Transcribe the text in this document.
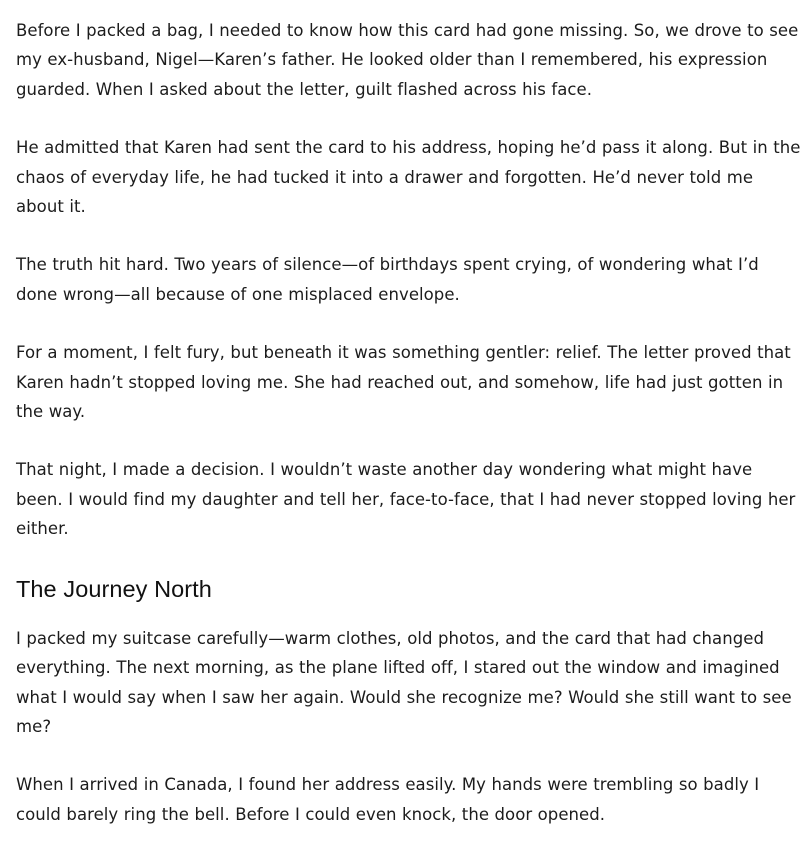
Before I packed a bag, I needed to know how this card had gone missing. So, we drove to see my ex-husband, Nigel—Karen’s father. He looked older than I remembered, his expression guarded. When I asked about the letter, guilt flashed across his face.

He admitted that Karen had sent the card to his address, hoping he’d pass it along. But in the chaos of everyday life, he had tucked it into a drawer and forgotten. He’d never told me about it.

The truth hit hard. Two years of silence—of birthdays spent crying, of wondering what I’d done wrong—all because of one misplaced envelope.

For a moment, I felt fury, but beneath it was something gentler: relief. The letter proved that Karen hadn’t stopped loving me. She had reached out, and somehow, life had just gotten in the way.

That night, I made a decision. I wouldn’t waste another day wondering what might have been. I would find my daughter and tell her, face-to-face, that I had never stopped loving her either.

The Journey North

I packed my suitcase carefully—warm clothes, old photos, and the card that had changed everything. The next morning, as the plane lifted off, I stared out the window and imagined what I would say when I saw her again. Would she recognize me? Would she still want to see me?

When I arrived in Canada, I found her address easily. My hands were trembling so badly I could barely ring the bell. Before I could even knock, the door opened.
